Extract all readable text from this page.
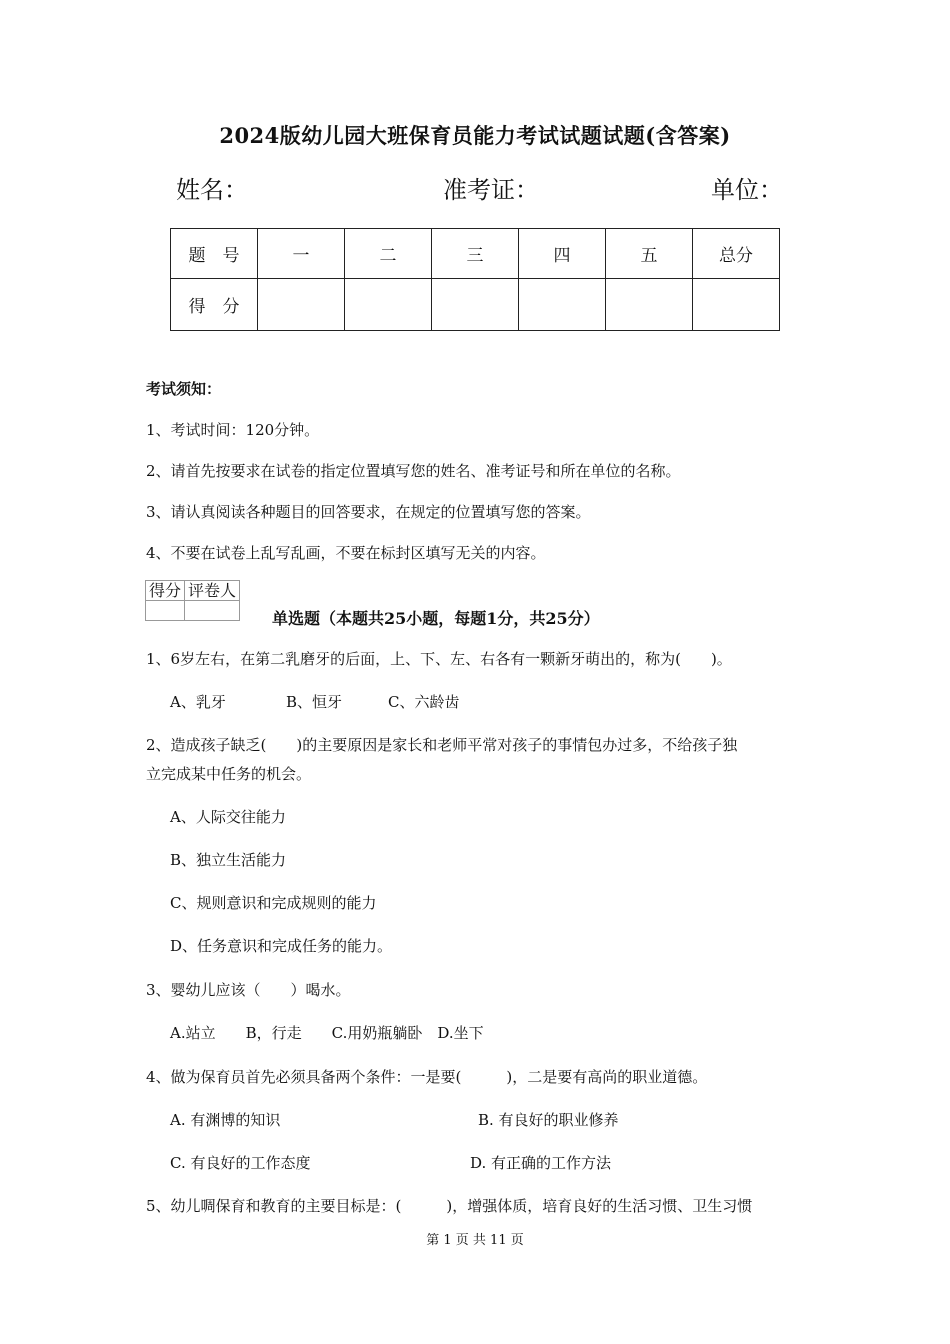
2024版幼儿园大班保育员能力考试试题试题(含答案)
姓名：	准考证：	单位：
题　号	一	二	三	四	五	总分
得　分						
考试须知：
1、考试时间：120分钟。
2、请首先按要求在试卷的指定位置填写您的姓名、准考证号和所在单位的名称。
3、请认真阅读各种题目的回答要求，在规定的位置填写您的答案。
4、不要在试卷上乱写乱画，不要在标封区填写无关的内容。
得分	评卷人

单选题（本题共25小题，每题1分，共25分）
1、6岁左右，在第二乳磨牙的后面，上、下、左、右各有一颗新牙萌出的，称为(　　)。
A、乳牙	B、恒牙	C、六龄齿
2、造成孩子缺乏(　　)的主要原因是家长和老师平常对孩子的事情包办过多，不给孩子独
立完成某中任务的机会。
A、人际交往能力
B、独立生活能力
C、规则意识和完成规则的能力
D、任务意识和完成任务的能力。
3、婴幼儿应该（　　）喝水。
A.站立　　B，行走　　C.用奶瓶躺卧　D.坐下
4、做为保育员首先必须具备两个条件：一是要(　　　)，二是要有高尚的职业道德。
A. 有渊博的知识	B. 有良好的职业修养
C. 有良好的工作态度	D. 有正确的工作方法
5、幼儿啁保育和教育的主要目标是：(　　　)，增强体质，培育良好的生活习惯、卫生习惯
第 1 页 共 11 页
